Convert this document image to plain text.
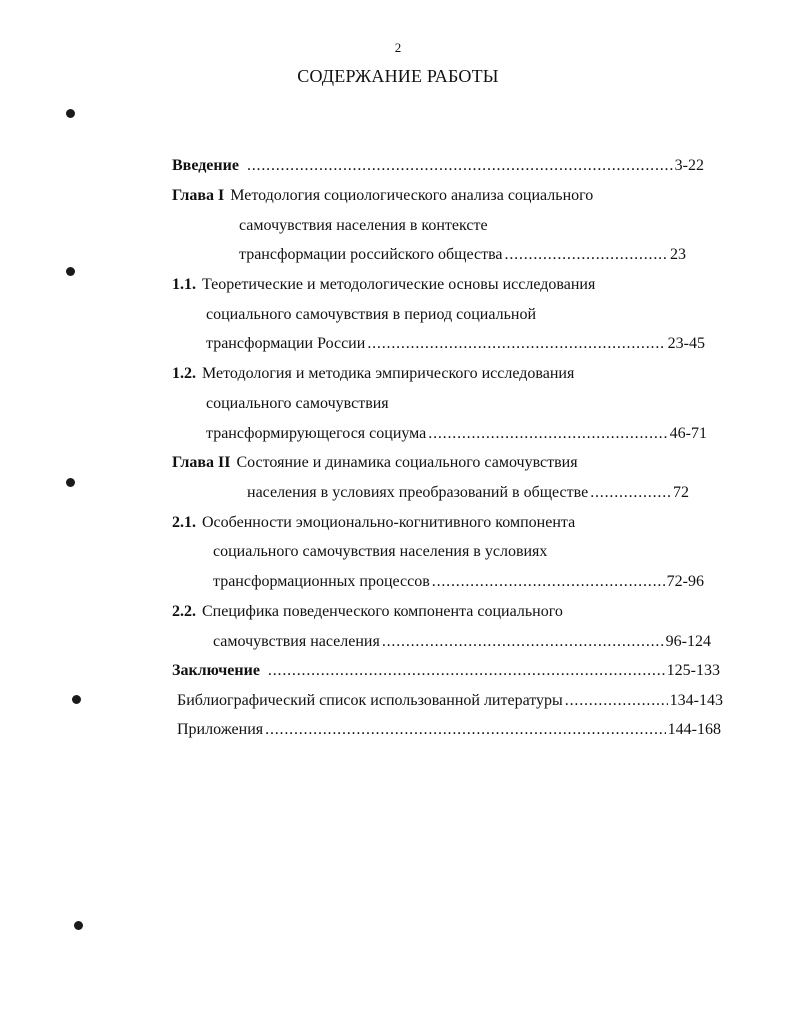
2
СОДЕРЖАНИЕ РАБОТЫ
Введение . . .	3-22
Глава I Методология социологического анализа социального
самочувствия населения в контексте
трансформации российского общества . . .	23
1.1. Теоретические и методологические основы исследования
социального самочувствия в период социальной
трансформации России . . .	23-45
1.2. Методология и методика эмпирического исследования
социального самочувствия
трансформирующегося социума . . .	46-71
Глава II Состояние и динамика социального самочувствия
населения в условиях преобразований в обществе . . .	72
2.1. Особенности эмоционально-когнитивного компонента
социального самочувствия населения в условиях
трансформационных процессов . . .	72-96
2.2. Специфика поведенческого компонента социального
самочувствия населения . . .	96-124
Заключение . . .	125-133
Библиографический список использованной литературы . . .	134-143
Приложения . . .	144-168
